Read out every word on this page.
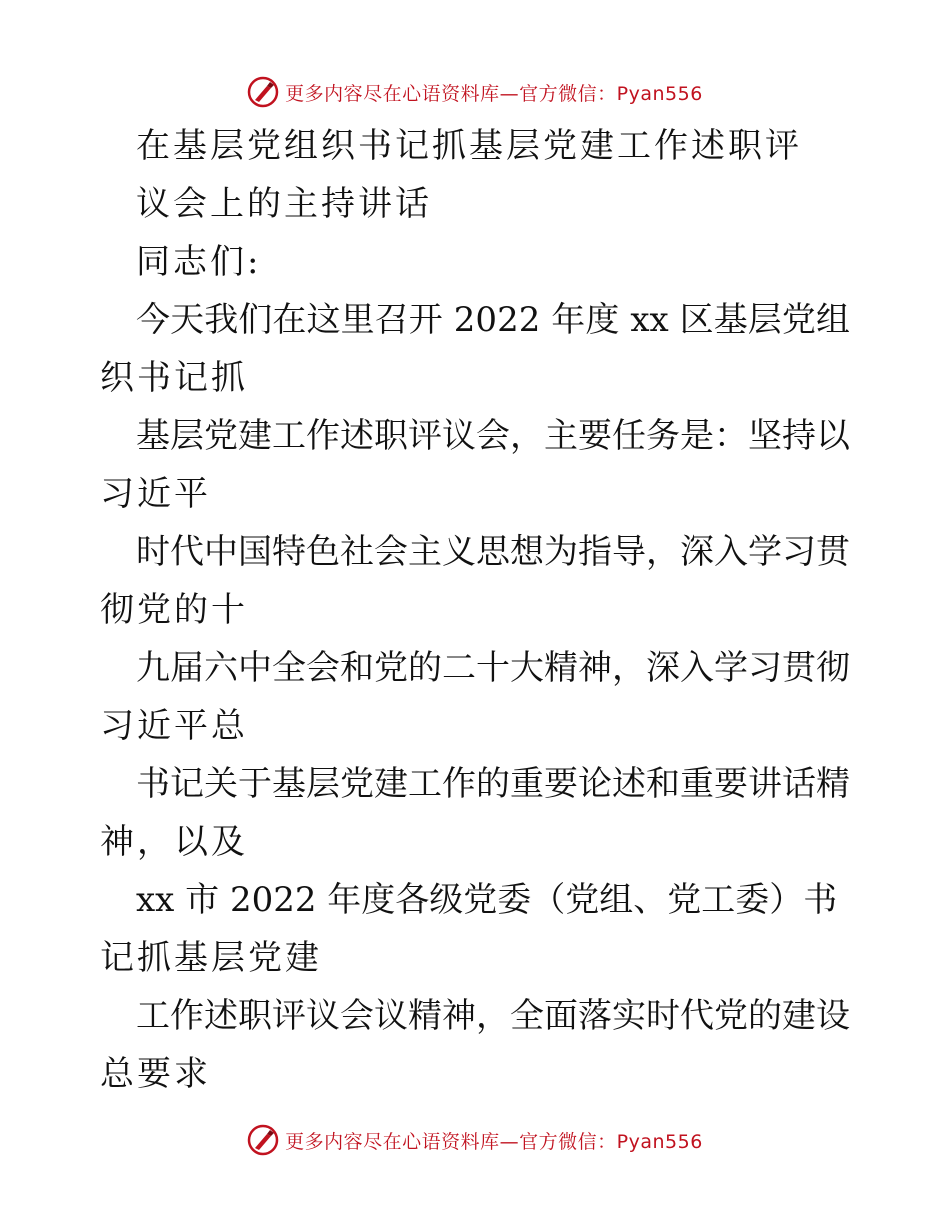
更多内容尽在心语资料库—官方微信：Pyan556
在基层党组织书记抓基层党建工作述职评
议会上的主持讲话
同志们:
今天我们在这里召开 2022 年度 xx 区基层党组
织书记抓
基层党建工作述职评议会，主要任务是：坚持以
习近平
时代中国特色社会主义思想为指导，深入学习贯
彻党的十
九届六中全会和党的二十大精神，深入学习贯彻
习近平总
书记关于基层党建工作的重要论述和重要讲话精
神，以及
xx 市 2022 年度各级党委（党组、党工委）书
记抓基层党建
工作述职评议会议精神，全面落实时代党的建设
总要求
更多内容尽在心语资料库—官方微信：Pyan556
